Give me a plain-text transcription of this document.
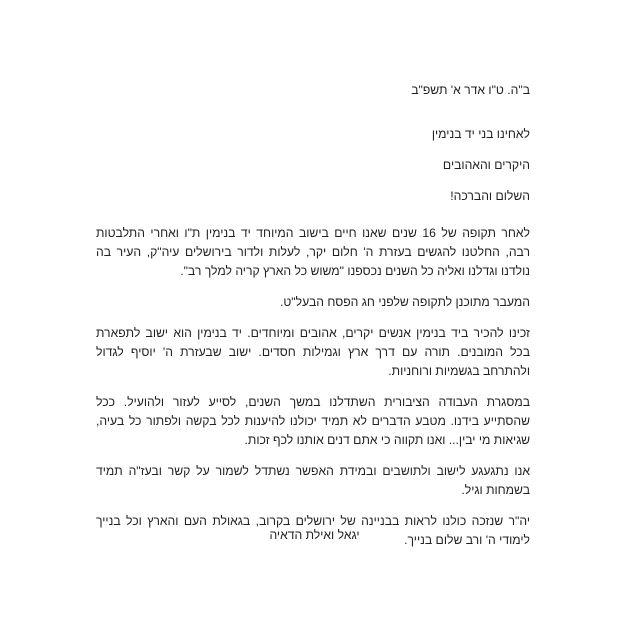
ב"ה. ט"ו אדר א' תשפ"ב

לאחינו בני יד בנימין

היקרים והאהובים

השלום והברכה!

לאחר תקופה של 16 שנים שאנו חיים בישוב המיוחד יד בנימין ת"ו ואחרי התלבטות רבה, החלטנו להגשים בעזרת ה' חלום יקר, לעלות ולדור בירושלים עיה"ק, העיר בה נולדנו וגדלנו ואליה כל השנים נכספנו "משוש כל הארץ קריה למלך רב".

המעבר מתוכנן לתקופה שלפני חג הפסח הבעל"ט.

זכינו להכיר ביד בנימין אנשים יקרים, אהובים ומיוחדים. יד בנימין הוא ישוב לתפארת בכל המובנים. תורה עם דרך ארץ וגמילות חסדים. ישוב שבעזרת ה' יוסיף לגדול ולהתרחב בגשמיות ורוחניות.

במסגרת העבודה הציבורית השתדלנו במשך השנים, לסייע לעזור ולהועיל. ככל שהסתייע בידנו. מטבע הדברים לא תמיד יכולנו להיענות לכל בקשה ולפתור כל בעיה, שגיאות מי יבין... ואנו תקווה כי אתם דנים אותנו לכף זכות.

אנו נתגעגע לישוב ולתושבים ובמידת האפשר נשתדל לשמור על קשר ובעז"ה תמיד בשמחות וגיל.

יה"ר שנזכה כולנו לראות בבניינה של ירושלים בקרוב, בגאולת העם והארץ וכל בנייך לימודי ה' ורב שלום בנייך.

יגאל ואילת הדאיה
